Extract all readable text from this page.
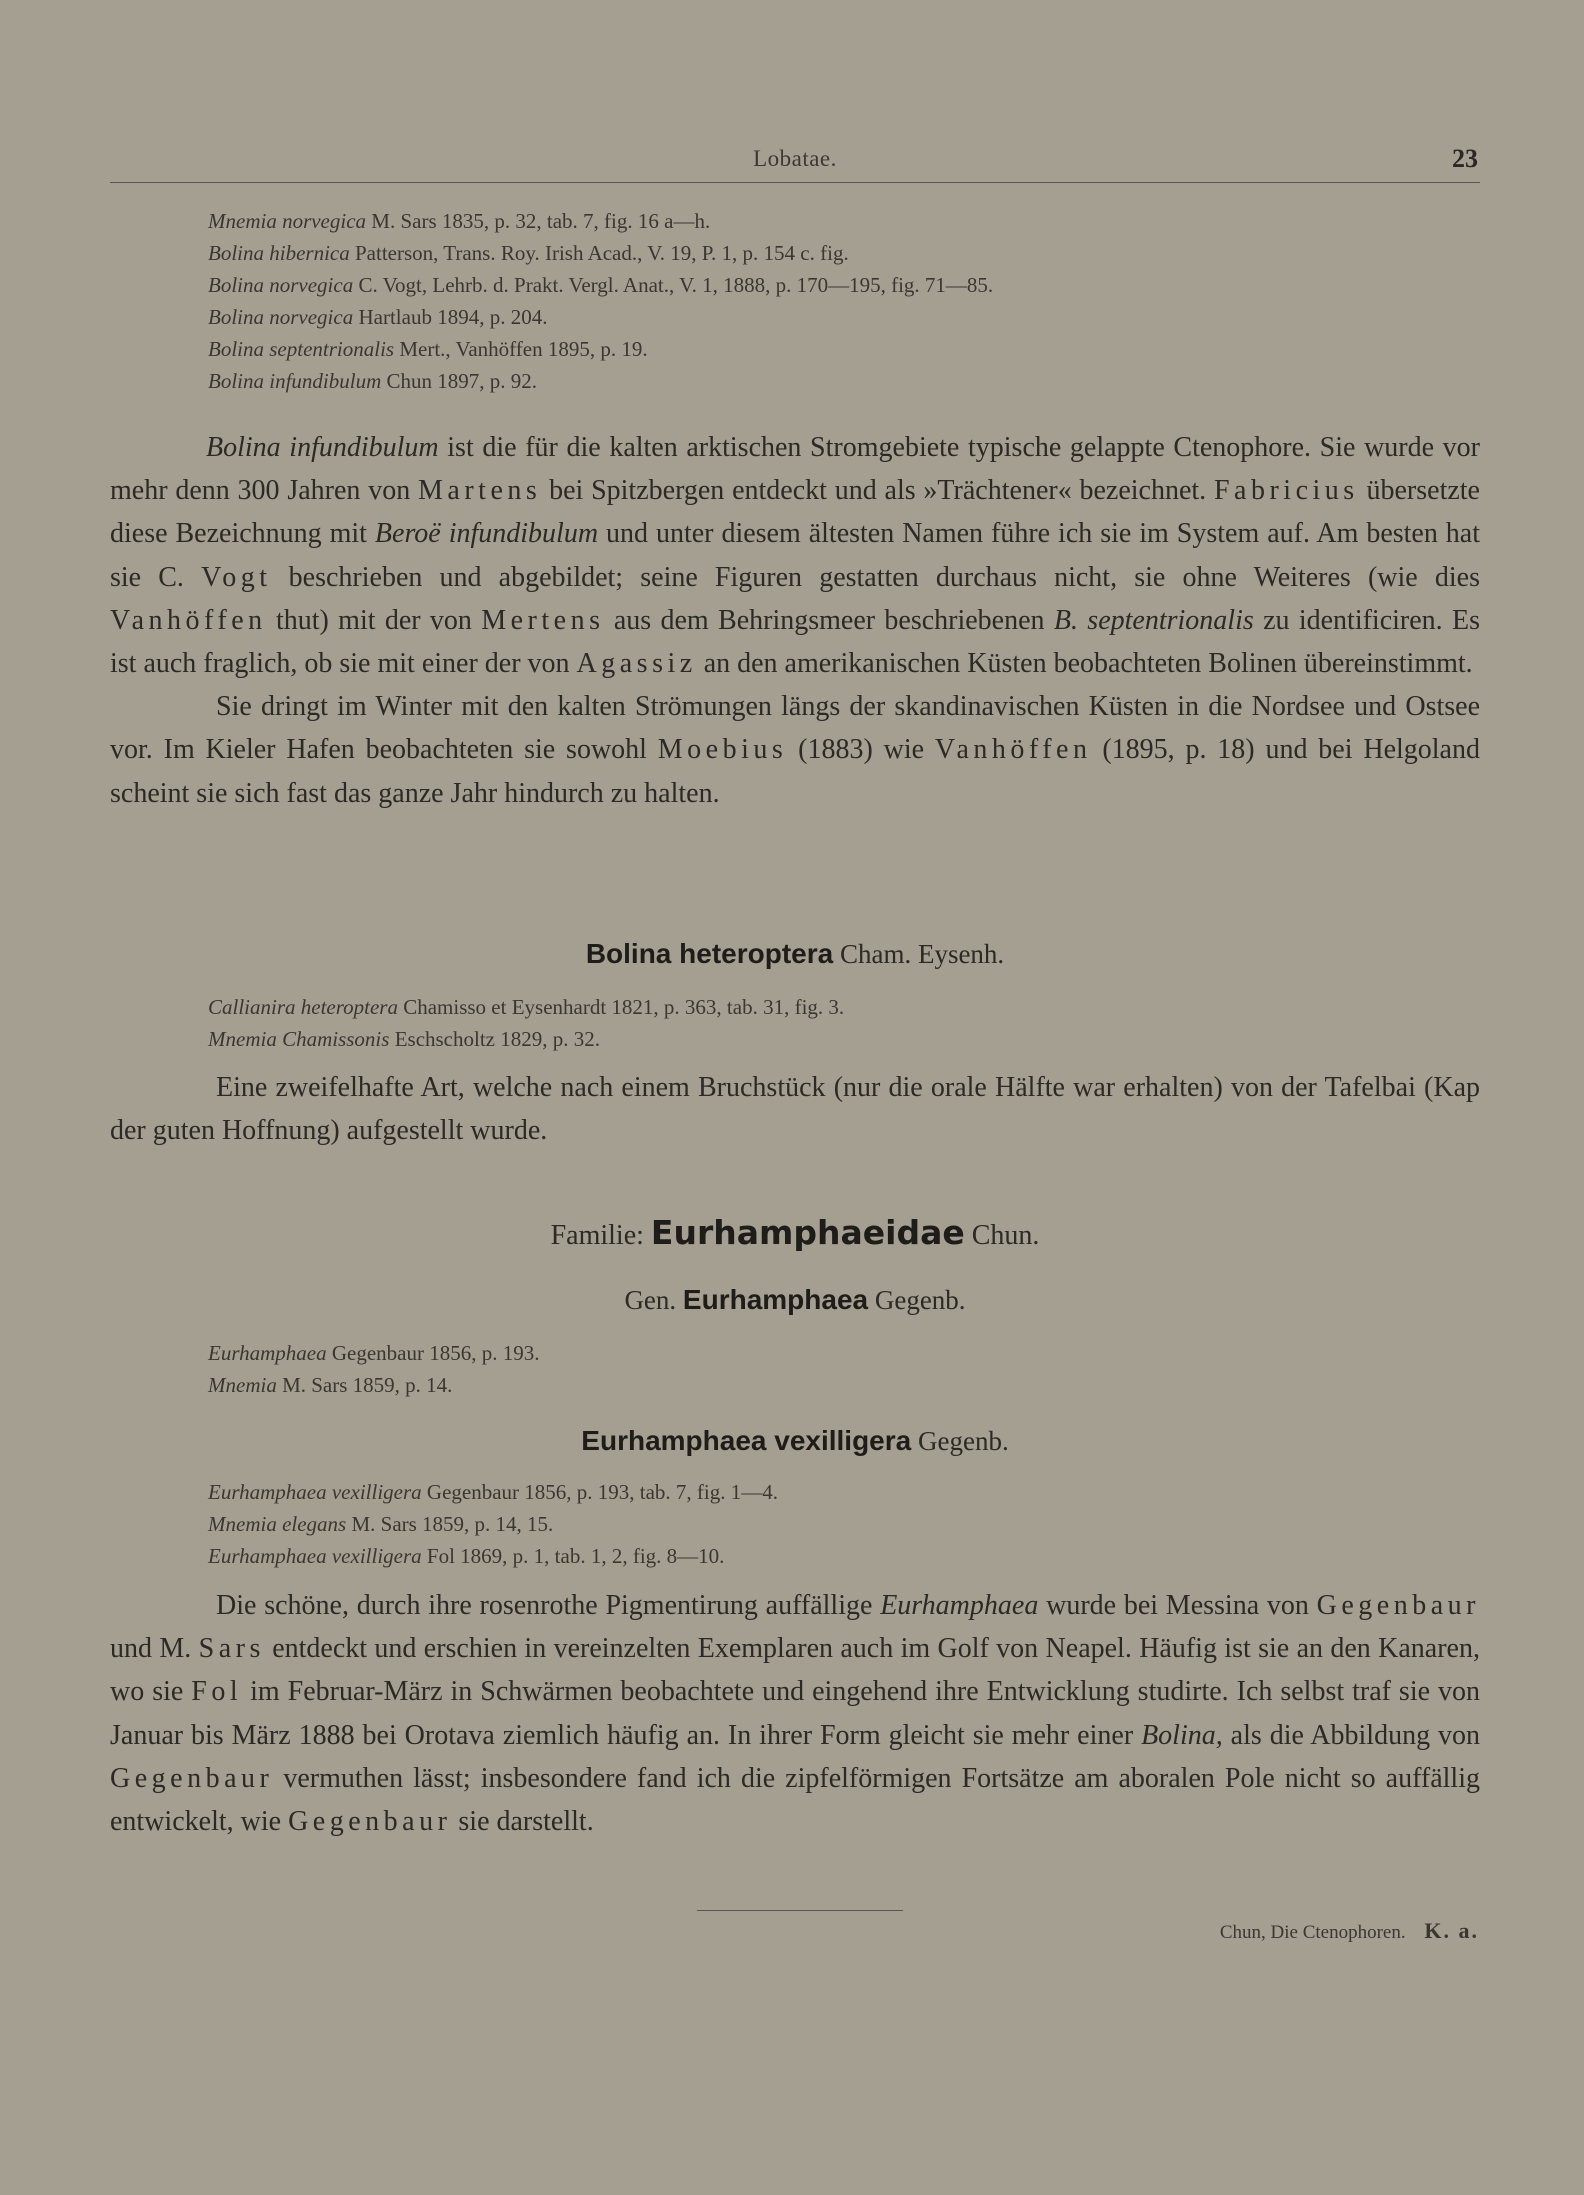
Lobatae.	23
Mnemia norvegica M. Sars 1835, p. 32, tab. 7, fig. 16 a—h.
Bolina hibernica Patterson, Trans. Roy. Irish Acad., V. 19, P. 1, p. 154 c. fig.
Bolina norvegica C. Vogt, Lehrb. d. Prakt. Vergl. Anat., V. 1, 1888, p. 170—195, fig. 71—85.
Bolina norvegica Hartlaub 1894, p. 204.
Bolina septentrionalis Mert., Vanhöffen 1895, p. 19.
Bolina infundibulum Chun 1897, p. 92.

Bolina infundibulum ist die für die kalten arktischen Stromgebiete typische gelappte Ctenophore. Sie wurde vor mehr denn 300 Jahren von Martens bei Spitzbergen entdeckt und als »Trächtener« bezeichnet. Fabricius übersetzte diese Bezeichnung mit Beroë infundibulum und unter diesem ältesten Namen führe ich sie im System auf. Am besten hat sie C. Vogt beschrieben und abgebildet; seine Figuren gestatten durchaus nicht, sie ohne Weiteres (wie dies Vanhöffen thut) mit der von Mertens aus dem Behringsmeer beschriebenen B. septentrionalis zu identificiren. Es ist auch fraglich, ob sie mit einer der von Agassiz an den amerikanischen Küsten beobachteten Bolinen übereinstimmt.

Sie dringt im Winter mit den kalten Strömungen längs der skandinavischen Küsten in die Nordsee und Ostsee vor. Im Kieler Hafen beobachteten sie sowohl Moebius (1883) wie Vanhöffen (1895, p. 18) und bei Helgoland scheint sie sich fast das ganze Jahr hindurch zu halten.

Bolina heteroptera Cham. Eysenh.
Callianira heteroptera Chamisso et Eysenhardt 1821, p. 363, tab. 31, fig. 3.
Mnemia Chamissonis Eschscholtz 1829, p. 32.

Eine zweifelhafte Art, welche nach einem Bruchstück (nur die orale Hälfte war erhalten) von der Tafelbai (Kap der guten Hoffnung) aufgestellt wurde.

Familie: Eurhamphaeidae Chun.
Gen. Eurhamphaea Gegenb.
Eurhamphaea Gegenbaur 1856, p. 193.
Mnemia M. Sars 1859, p. 14.
Eurhamphaea vexilligera Gegenb.
Eurhamphaea vexilligera Gegenbaur 1856, p. 193, tab. 7, fig. 1—4.
Mnemia elegans M. Sars 1859, p. 14, 15.
Eurhamphaea vexilligera Fol 1869, p. 1, tab. 1, 2, fig. 8—10.

Die schöne, durch ihre rosenrothe Pigmentirung auffällige Eurhamphaea wurde bei Messina von Gegenbaur und M. Sars entdeckt und erschien in vereinzelten Exemplaren auch im Golf von Neapel. Häufig ist sie an den Kanaren, wo sie Fol im Februar-März in Schwärmen beobachtete und eingehend ihre Entwicklung studirte. Ich selbst traf sie von Januar bis März 1888 bei Orotava ziemlich häufig an. In ihrer Form gleicht sie mehr einer Bolina, als die Abbildung von Gegenbaur vermuthen lässt; insbesondere fand ich die zipfelförmigen Fortsätze am aboralen Pole nicht so auffällig entwickelt, wie Gegenbaur sie darstellt.

Chun, Die Ctenophoren. K. a.
